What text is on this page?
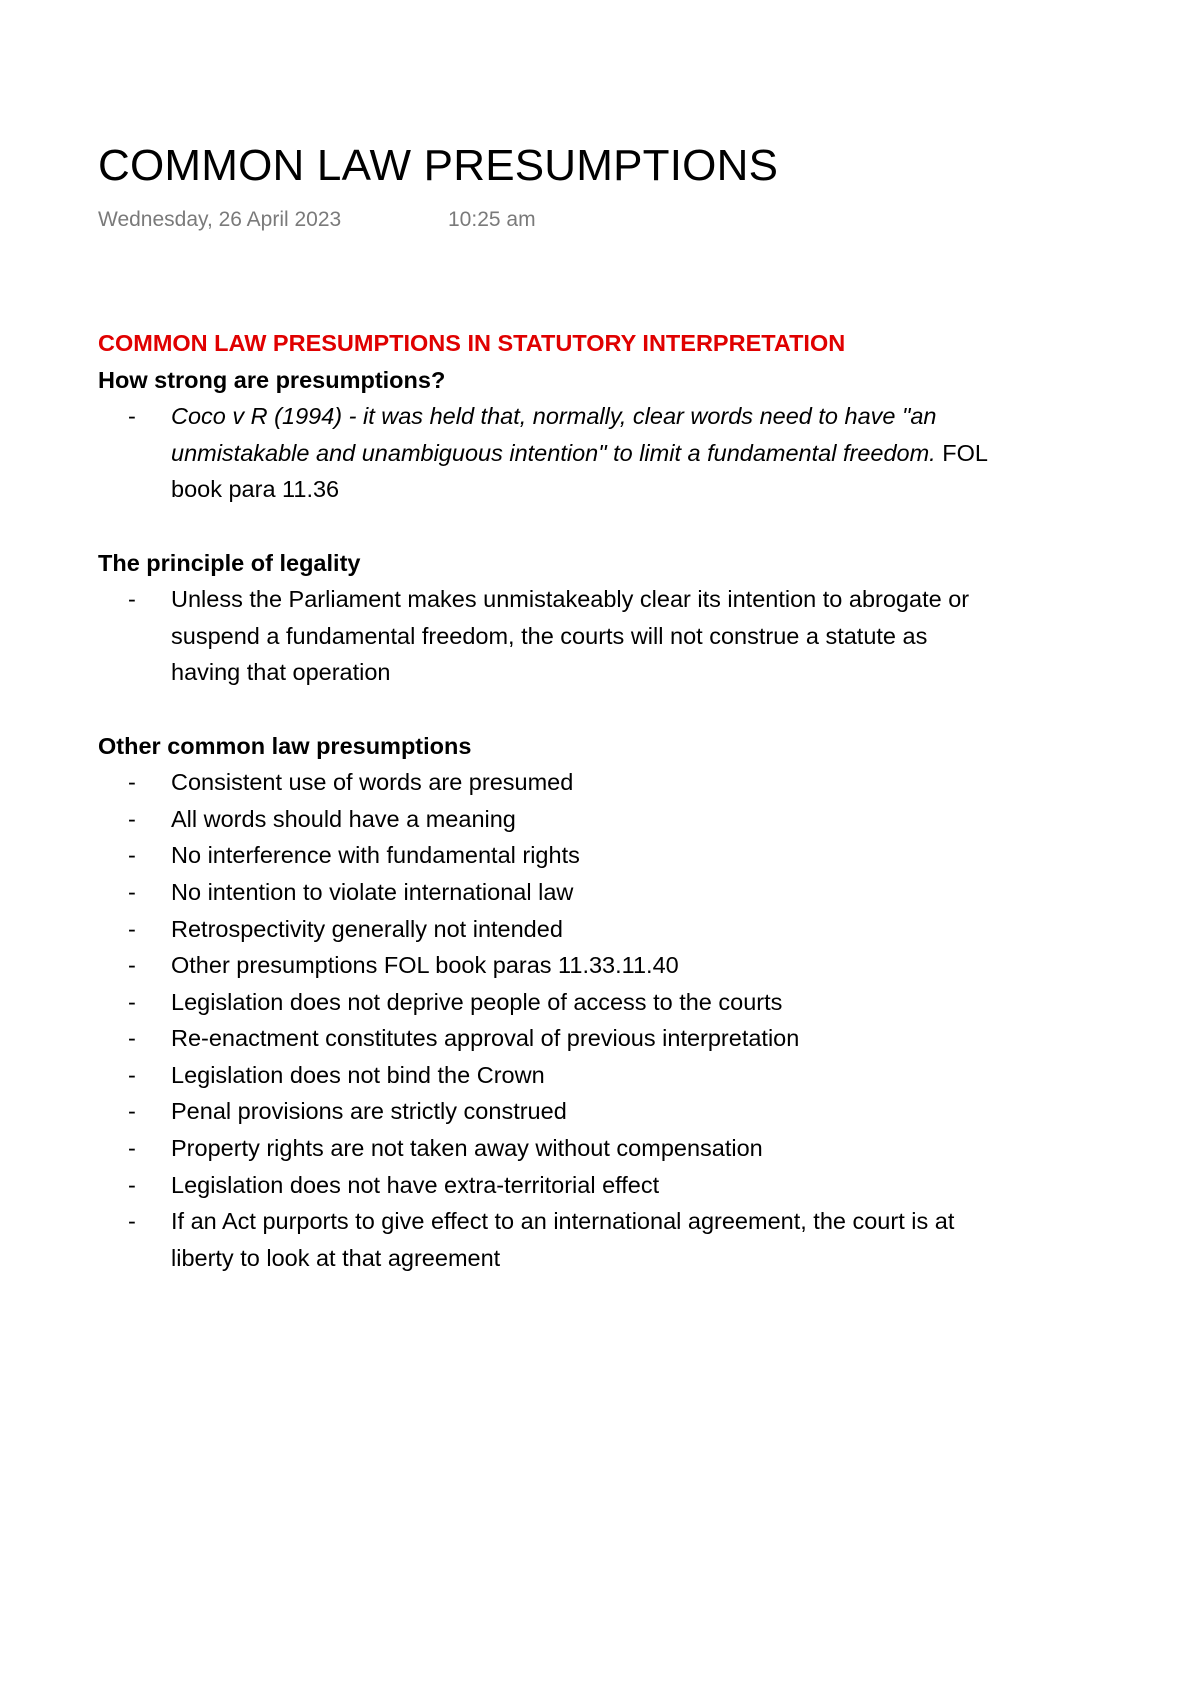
COMMON LAW PRESUMPTIONS
Wednesday, 26 April 2023	10:25 am
COMMON LAW PRESUMPTIONS IN STATUTORY INTERPRETATION
How strong are presumptions?
- Coco v R (1994) - it was held that, normally, clear words need to have "an unmistakable and unambiguous intention" to limit a fundamental freedom. FOL book para 11.36
The principle of legality
- Unless the Parliament makes unmistakeably clear its intention to abrogate or suspend a fundamental freedom, the courts will not construe a statute as having that operation
Other common law presumptions
- Consistent use of words are presumed
- All words should have a meaning
- No interference with fundamental rights
- No intention to violate international law
- Retrospectivity generally not intended
- Other presumptions FOL book paras 11.33.11.40
- Legislation does not deprive people of access to the courts
- Re-enactment constitutes approval of previous interpretation
- Legislation does not bind the Crown
- Penal provisions are strictly construed
- Property rights are not taken away without compensation
- Legislation does not have extra-territorial effect
- If an Act purports to give effect to an international agreement, the court is at liberty to look at that agreement
